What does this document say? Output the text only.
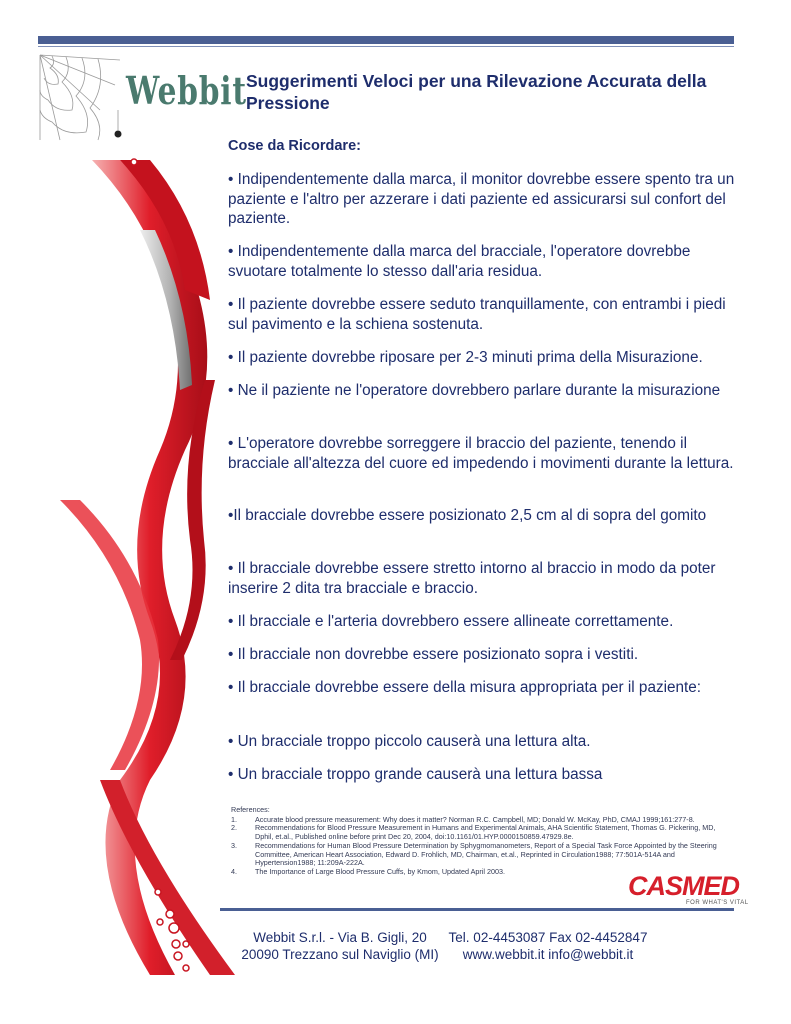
Webbit Suggerimenti Veloci per una Rilevazione Accurata della Pressione
Cose da Ricordare:

• Indipendentemente dalla marca, il monitor dovrebbe essere spento tra un paziente e l'altro per azzerare i dati paziente ed assicurarsi sul confort del paziente.

• Indipendentemente dalla marca del bracciale, l'operatore dovrebbe svuotare totalmente lo stesso dall'aria residua.

• Il paziente dovrebbe essere seduto tranquillamente, con entrambi i piedi sul pavimento e la schiena sostenuta.

• Il paziente dovrebbe riposare per 2-3 minuti prima della Misurazione.

• Ne il paziente ne l'operatore dovrebbero parlare durante la misurazione

• L'operatore dovrebbe sorreggere il braccio del paziente, tenendo il bracciale all'altezza del cuore ed impedendo i movimenti durante la lettura.

•Il bracciale dovrebbe essere posizionato 2,5 cm al di sopra del gomito

• Il bracciale dovrebbe essere stretto intorno al braccio in modo da poter inserire 2 dita tra bracciale e braccio.

• Il bracciale e l'arteria dovrebbero essere allineate correttamente.

• Il bracciale non dovrebbe essere posizionato sopra i vestiti.

• Il bracciale dovrebbe essere della misura appropriata per il paziente:

• Un bracciale troppo piccolo causerà una lettura alta.

• Un bracciale troppo grande causerà una lettura bassa

References:
1.	Accurate blood pressure measurement: Why does it matter? Norman R.C. Campbell, MD; Donald W. McKay, PhD, CMAJ 1999;161:277-8.
2.	Recommendations for Blood Pressure Measurement in Humans and Experimental Animals, AHA Scientific Statement, Thomas G. Pickering, MD, Dphil, et.al., Published online before print Dec 20, 2004, doi:10.1161/01.HYP.0000150859.47929.8e.
3.	Recommendations for Human Blood Pressure Determination by Sphygmomanometers, Report of a Special Task Force Appointed by the Steering Committee, American Heart Association, Edward D. Frohlich, MD, Chairman, et.al., Reprinted in Circulation1988; 77:501A-514A and Hypertension1988; 11:209A-222A.
4.	The Importance of Large Blood Pressure Cuffs, by Kmom, Updated April 2003.	CASMED
FOR WHAT'S VITAL
Webbit S.r.l. - Via B. Gigli, 20
20090 Trezzano sul Naviglio (MI)
Tel. 02-4453087 Fax 02-4452847
www.webbit.it info@webbit.it
